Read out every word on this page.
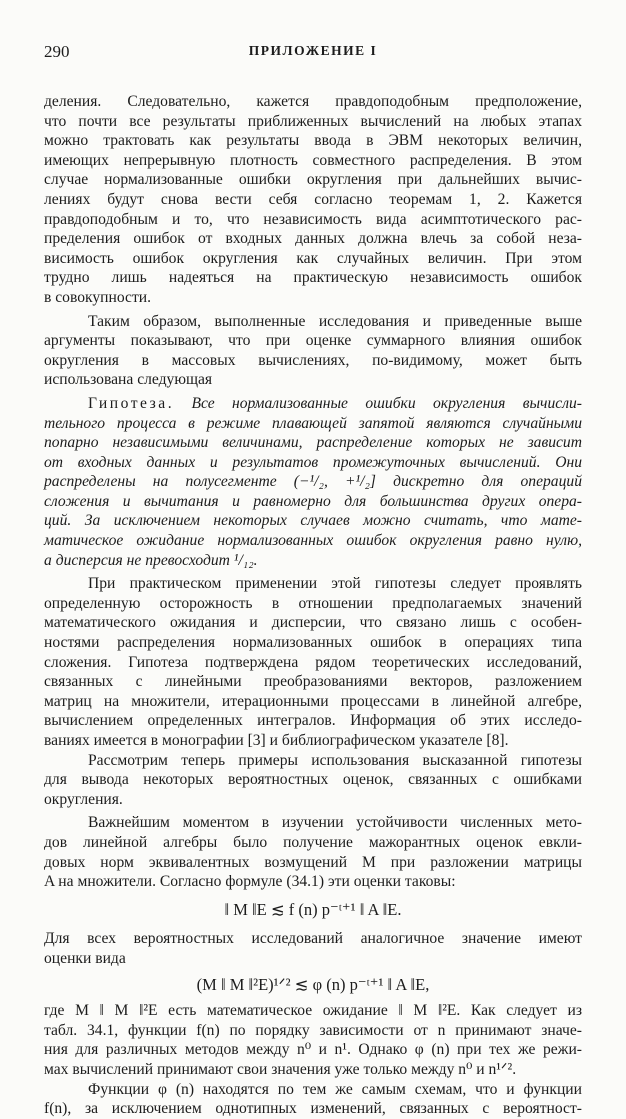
290	ПРИЛОЖЕНИЕ I

деления. Следовательно, кажется правдоподобным предположение,

что почти все результаты приближенных вычислений на любых этапах

можно трактовать как результаты ввода в ЭВМ некоторых величин,

имеющих непрерывную плотность совместного распределения. В этом

случае нормализованные ошибки округления при дальнейших вычис-

лениях будут снова вести себя согласно теоремам 1, 2. Кажется

правдоподобным и то, что независимость вида асимптотического рас-

пределения ошибок от входных данных должна влечь за собой неза-

висимость ошибок округления как случайных величин. При этом

трудно лишь надеяться на практическую независимость ошибок

в совокупности.

Таким образом, выполненные исследования и приведенные выше

аргументы показывают, что при оценке суммарного влияния ошибок

округления в массовых вычислениях, по-видимому, может быть

использована следующая

Гипотеза. Все нормализованные ошибки округления вычисли-

тельного процесса в режиме плавающей запятой являются случайными

попарно независимыми величинами, распределение которых не зависит

от входных данных и результатов промежуточных вычислений. Они

распределены на полусегменте (−¹/₂, +¹/₂] дискретно для операций

сложения и вычитания и равномерно для большинства других опера-

ций. За исключением некоторых случаев можно считать, что мате-

матическое ожидание нормализованных ошибок округления равно нулю,

а дисперсия не превосходит ¹/₁₂.

При практическом применении этой гипотезы следует проявлять

определенную осторожность в отношении предполагаемых значений

математического ожидания и дисперсии, что связано лишь с особен-

ностями распределения нормализованных ошибок в операциях типа

сложения. Гипотеза подтверждена рядом теоретических исследований,

связанных с линейными преобразованиями векторов, разложением

матриц на множители, итерационными процессами в линейной алгебре,

вычислением определенных интегралов. Информация об этих исследо-

ваниях имеется в монографии [3] и библиографическом указателе [8].

Рассмотрим теперь примеры использования высказанной гипотезы

для вывода некоторых вероятностных оценок, связанных с ошибками

округления.

Важнейшим моментом в изучении устойчивости численных мето-

дов линейной алгебры было получение мажорантных оценок евкли-

довых норм эквивалентных возмущений M при разложении матрицы

A на множители. Согласно формуле (34.1) эти оценки таковы:

‖ M ‖E ≲ f (n) p⁻ᵗ⁺¹ ‖ A ‖E.

Для всех вероятностных исследований аналогичное значение имеют

оценки вида

(M ‖ M ‖²E)¹ᐟ² ≲ φ (n) p⁻ᵗ⁺¹ ‖ A ‖E,

где M ‖ M ‖²E есть математическое ожидание ‖ M ‖²E. Как следует из

табл. 34.1, функции f(n) по порядку зависимости от n принимают значе-

ния для различных методов между n⁰ и n¹. Однако φ (n) при тех же режи-

мах вычислений принимают свои значения уже только между n⁰ и n¹ᐟ².

Функции φ (n) находятся по тем же самым схемам, что и функции

f(n), за исключением однотипных изменений, связанных с вероятност-
